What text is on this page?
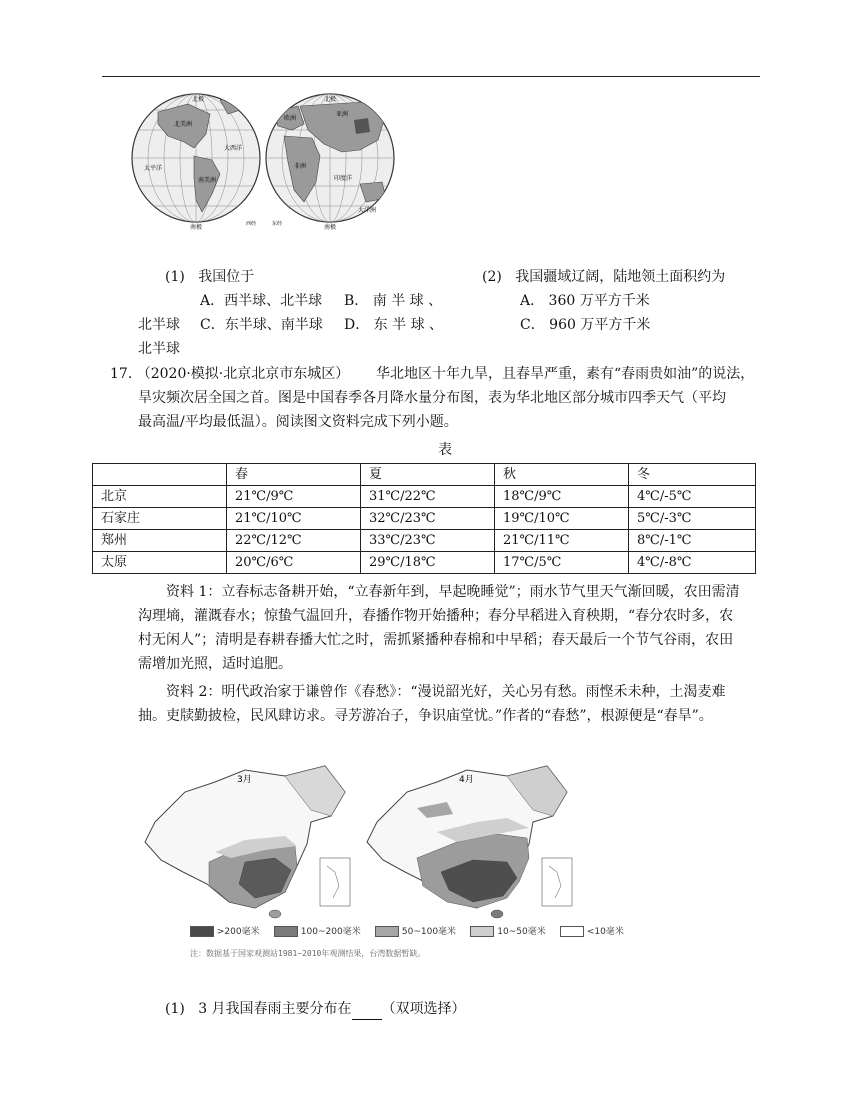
北极
南极	西经
北美洲
南美洲
太平洋
大西洋
北极
南极
东经
亚洲
欧洲
非洲
印度洋
大洋洲
(1) 我国位于
A．西半球、北半球 B． 南 半 球 、
北半球 C．东半球、南半球 D． 东 半 球 、
北半球
(2) 我国疆域辽阔，陆地领土面积约为
A． 360 万平方千米
C． 960 万平方千米
17. （2020·模拟·北京北京市东城区） 华北地区十年九旱，且春旱严重，素有“春雨贵如油”的说法，
旱灾频次居全国之首。图是中国春季各月降水量分布图，表为华北地区部分城市四季天气（平均
最高温/平均最低温）。阅读图文资料完成下列小题。
表
	春	夏	秋	冬
北京	21℃/9℃	31℃/22℃	18℃/9℃	4℃/-5℃
石家庄	21℃/10℃	32℃/23℃	19℃/10℃	5℃/-3℃
郑州	22℃/12℃	33℃/23℃	21℃/11℃	8℃/-1℃
太原	20℃/6℃	29℃/18℃	17℃/5℃	4℃/-8℃
资料 1：立春标志备耕开始，“立春新年到，早起晚睡觉”；雨水节气里天气渐回暖，农田需清
沟理墒，灌溉春水；惊蛰气温回升，春播作物开始播种；春分早稻进入育秧期，“春分农时多，农
村无闲人”；清明是春耕春播大忙之时，需抓紧播种春棉和中早稻；春天最后一个节气谷雨，农田
需增加光照，适时追肥。
资料 2：明代政治家于谦曾作《春愁》：“漫说韶光好，关心另有愁。雨悭禾未种，土渴麦难
抽。吏牍勤披检，民风肆访求。寻芳游冶子，争识庙堂忧。”作者的“春愁”，根源便是“春旱”。
3月	4月
>200毫米	100~200毫米	50~100毫米	10~50毫米	<10毫米
注：数据基于国家观测站1981~2010年观测结果，台湾数据暂缺。
(1) 3 月我国春雨主要分布在 （双项选择）
